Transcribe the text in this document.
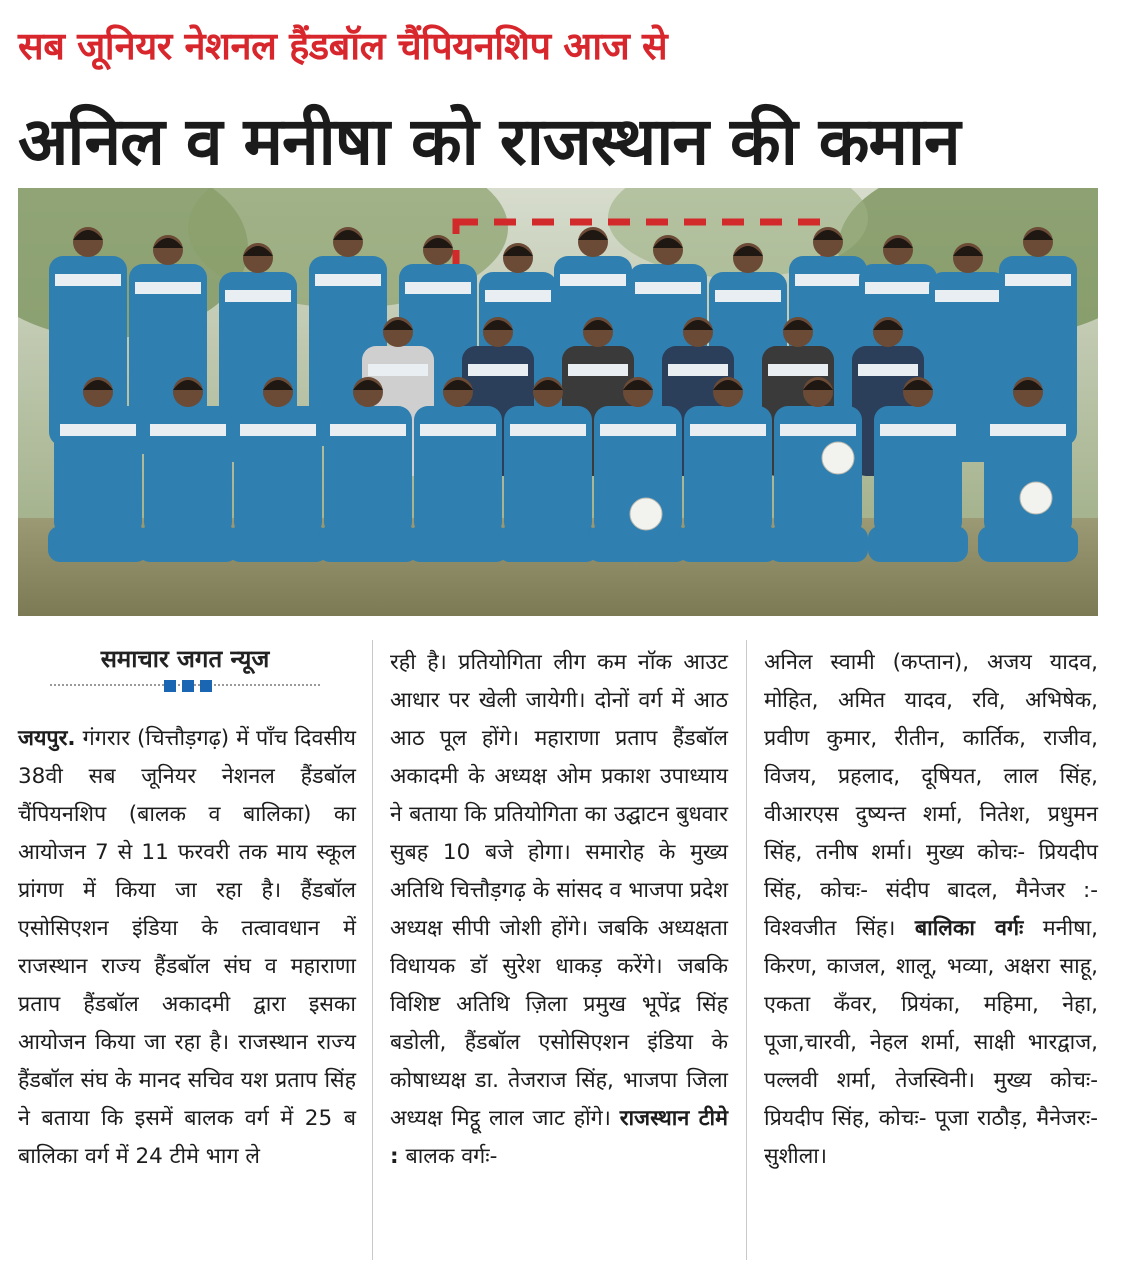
सब जूनियर नेशनल हैंडबॉल चैंपियनशिप आज से
अनिल व मनीषा को राजस्थान की कमान
समाचार जगत न्यूज
जयपुर. गंगरार (चित्तौड़गढ़) में पाँच दिवसीय 38वी सब जूनियर नेशनल हैंडबॉल चैंपियनशिप (बालक व बालिका) का आयोजन 7 से 11 फरवरी तक माय स्कूल प्रांगण में किया जा रहा है। हैंडबॉल एसोसिएशन इंडिया के तत्वावधान में राजस्थान राज्य हैंडबॉल संघ व महाराणा प्रताप हैंडबॉल अकादमी द्वारा इसका आयोजन किया जा रहा है। राजस्थान राज्य हैंडबॉल संघ के मानद सचिव यश प्रताप सिंह ने बताया कि इसमें बालक वर्ग में 25 ब बालिका वर्ग में 24 टीमे भाग ले
रही है। प्रतियोगिता लीग कम नॉक आउट आधार पर खेली जायेगी। दोनों वर्ग में आठ आठ पूल होंगे। महाराणा प्रताप हैंडबॉल अकादमी के अध्यक्ष ओम प्रकाश उपाध्याय ने बताया कि प्रतियोगिता का उद्घाटन बुधवार सुबह 10 बजे होगा। समारोह के मुख्य अतिथि चित्तौड़गढ़ के सांसद व भाजपा प्रदेश अध्यक्ष सीपी जोशी होंगे। जबकि अध्यक्षता विधायक डॉ सुरेश धाकड़ करेंगे। जबकि विशिष्ट अतिथि ज़िला प्रमुख भूपेंद्र सिंह बडोली, हैंडबॉल एसोसिएशन इंडिया के कोषाध्यक्ष डा. तेजराज सिंह, भाजपा जिला अध्यक्ष मिट्ठू लाल जाट होंगे। राजस्थान टीमे : बालक वर्गः-
अनिल स्वामी (कप्तान), अजय यादव, मोहित, अमित यादव, रवि, अभिषेक, प्रवीण कुमार, रीतीन, कार्तिक, राजीव, विजय, प्रहलाद, दूषियत, लाल सिंह, वीआरएस दुष्यन्त शर्मा, नितेश, प्रधुमन सिंह, तनीष शर्मा। मुख्य कोचः- प्रियदीप सिंह, कोचः- संदीप बादल, मैनेजर :- विश्वजीत सिंह। बालिका वर्गः मनीषा, किरण, काजल, शालू, भव्या, अक्षरा साहू, एकता कँवर, प्रियंका, महिमा, नेहा, पूजा,चारवी, नेहल शर्मा, साक्षी भारद्वाज, पल्लवी शर्मा, तेजस्विनी। मुख्य कोचः- प्रियदीप सिंह, कोचः- पूजा राठौड़, मैनेजरः- सुशीला।
